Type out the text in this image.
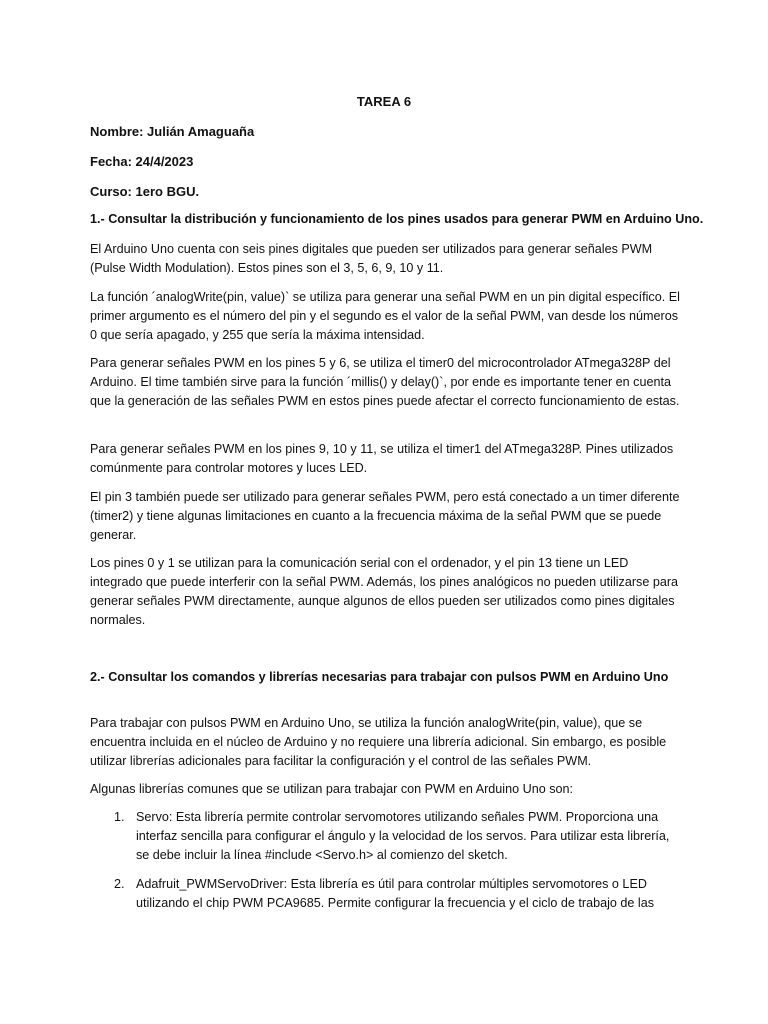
TAREA 6
Nombre: Julián Amaguaña
Fecha: 24/4/2023
Curso: 1ero BGU.
1.- Consultar la distribución y funcionamiento de los pines usados para generar PWM en Arduino Uno.
El Arduino Uno cuenta con seis pines digitales que pueden ser utilizados para generar señales PWM (Pulse Width Modulation). Estos pines son el 3, 5, 6, 9, 10 y 11.
La función ´analogWrite(pin, value)` se utiliza para generar una señal PWM en un pin digital específico. El primer argumento es el número del pin y el segundo es el valor de la señal PWM, van desde los números 0 que sería apagado, y 255 que sería la máxima intensidad.
Para generar señales PWM en los pines 5 y 6, se utiliza el timer0 del microcontrolador ATmega328P del Arduino. El time también sirve para la función ´millis() y delay()`, por ende es importante tener en cuenta que la generación de las señales PWM en estos pines puede afectar el correcto funcionamiento de estas.
Para generar señales PWM en los pines 9, 10 y 11, se utiliza el timer1 del ATmega328P. Pines utilizados comúnmente para controlar motores y luces LED.
El pin 3 también puede ser utilizado para generar señales PWM, pero está conectado a un timer diferente (timer2) y tiene algunas limitaciones en cuanto a la frecuencia máxima de la señal PWM que se puede generar.
Los pines 0 y 1 se utilizan para la comunicación serial con el ordenador, y el pin 13 tiene un LED integrado que puede interferir con la señal PWM. Además, los pines analógicos no pueden utilizarse para generar señales PWM directamente, aunque algunos de ellos pueden ser utilizados como pines digitales normales.
2.- Consultar los comandos y librerías necesarias para trabajar con pulsos PWM en Arduino Uno
Para trabajar con pulsos PWM en Arduino Uno, se utiliza la función analogWrite(pin, value), que se encuentra incluida en el núcleo de Arduino y no requiere una librería adicional. Sin embargo, es posible utilizar librerías adicionales para facilitar la configuración y el control de las señales PWM.
Algunas librerías comunes que se utilizan para trabajar con PWM en Arduino Uno son:
1. Servo: Esta librería permite controlar servomotores utilizando señales PWM. Proporciona una interfaz sencilla para configurar el ángulo y la velocidad de los servos. Para utilizar esta librería, se debe incluir la línea #include <Servo.h> al comienzo del sketch.
2. Adafruit_PWMServoDriver: Esta librería es útil para controlar múltiples servomotores o LED utilizando el chip PWM PCA9685. Permite configurar la frecuencia y el ciclo de trabajo de las
